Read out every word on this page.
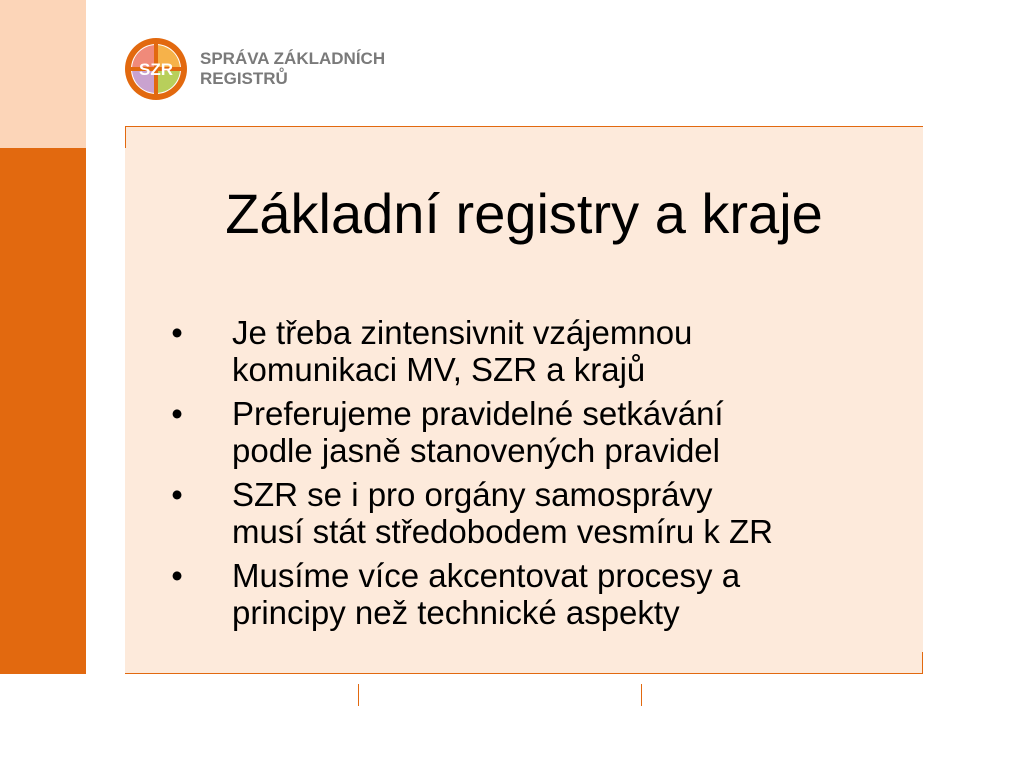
SZR
SPRÁVA ZÁKLADNÍCH
REGISTRŮ
Základní registry a kraje
• Je třeba zintensivnit vzájemnou
komunikaci MV, SZR a krajů
• Preferujeme pravidelné setkávání
podle jasně stanovených pravidel
• SZR se i pro orgány samosprávy
musí stát středobodem vesmíru k ZR
• Musíme více akcentovat procesy a
principy než technické aspekty
